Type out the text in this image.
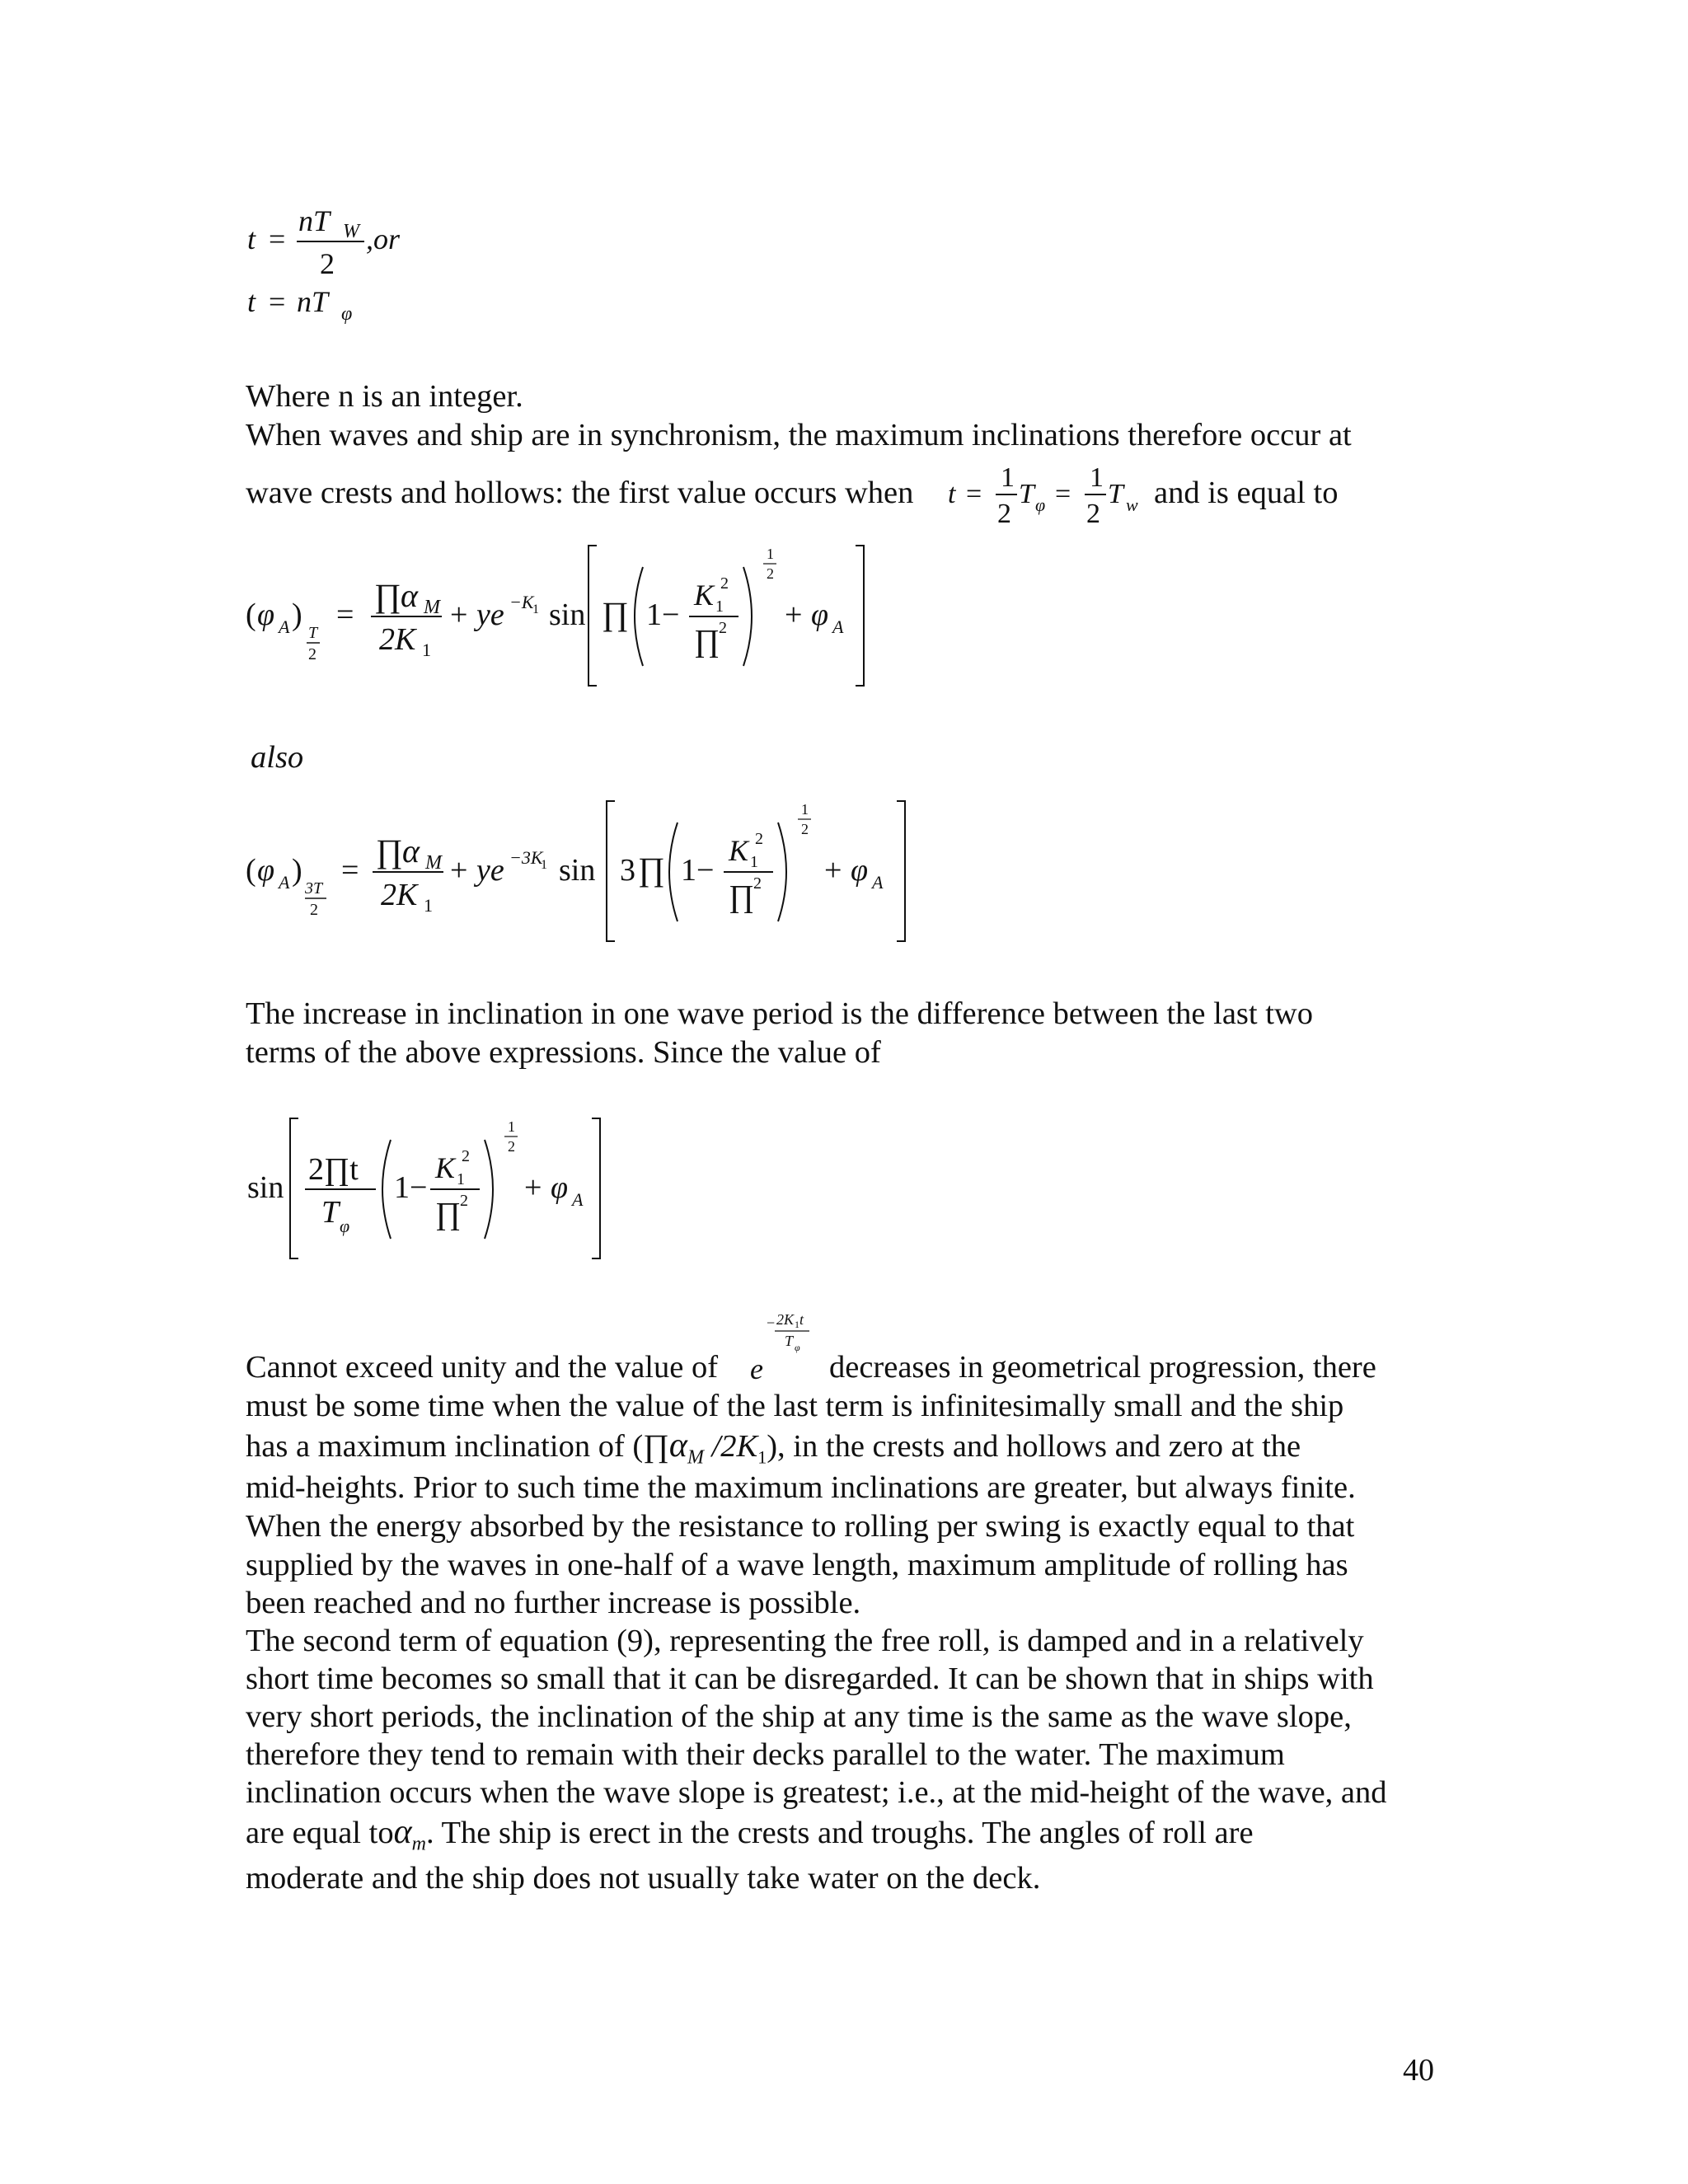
t =
nT W
2
,or
t = nT φ
Where n is an integer.
When waves and ship are in synchronism, the maximum inclinations therefore occur at
wave crests and hollows: the first value occurs when	t =
1
2
T φ =
1
2
T w and is equal to
( φ A )
T
2
=
∏ α M
2K 1
+ ye −K
1 sin ∏ 1−
K 1
2
∏
2
1
2
+ φ A
also
( φ A )
3T
2
=
∏ α M
2K 1
+ ye −3K
1 sin 3 ∏ 1−
K 1
2
∏
2
1
2
+ φ A
The increase in inclination in one wave period is the difference between the last two
terms of the above expressions. Since the value of
sin
2∏t
T φ
1−
K 1
2
∏
2
1
2
+ φ A
Cannot exceed unity and the value of	e
− 2K 1 t
T φ
decreases in geometrical progression, there
must be some time when the value of the last term is infinitesimally small and the ship
has a maximum inclination of ($\prod\alpha_M$ $/2K_1$), in the crests and hollows and zero at the
mid-heights. Prior to such time the maximum inclinations are greater, but always finite.
When the energy absorbed by the resistance to rolling per swing is exactly equal to that
supplied by the waves in one-half of a wave length, maximum amplitude of rolling has
been reached and no further increase is possible.
The second term of equation (9), representing the free roll, is damped and in a relatively
short time becomes so small that it can be disregarded. It can be shown that in ships with
very short periods, the inclination of the ship at any time is the same as the wave slope,
therefore they tend to remain with their decks parallel to the water. The maximum
inclination occurs when the wave slope is greatest; i.e., at the mid-height of the wave, and
are equal toα$_m$. The ship is erect in the crests and troughs. The angles of roll are
moderate and the ship does not usually take water on the deck.
40
